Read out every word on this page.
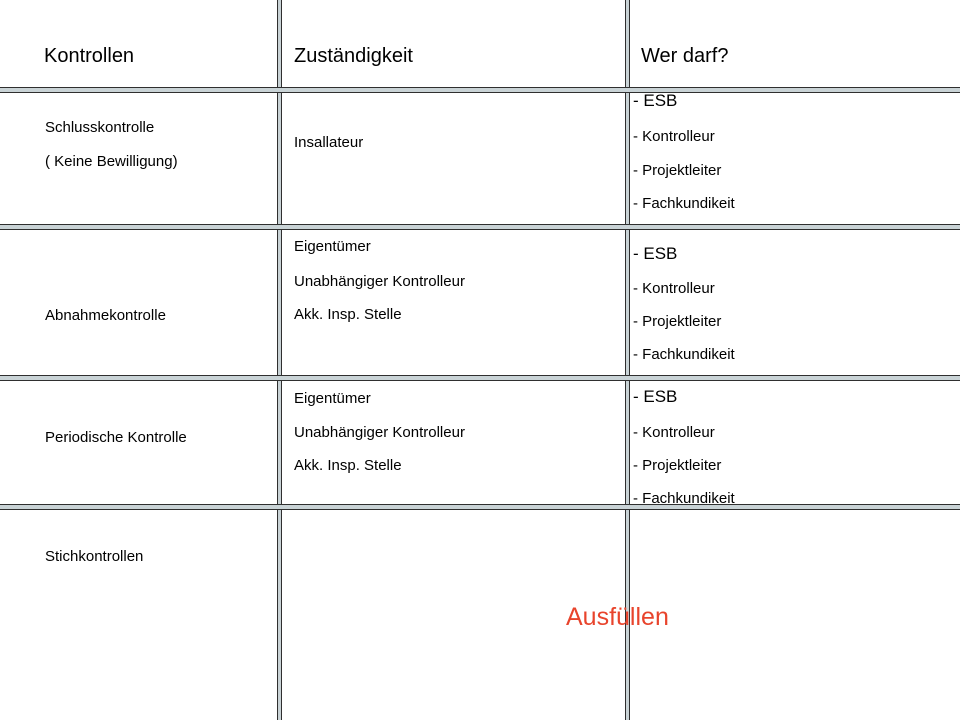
Kontrollen	Zuständigkeit	Wer darf?
Schlusskontrolle
( Keine Bewilligung)
Insallateur
- ESB
- Kontrolleur
- Projektleiter
- Fachkundikeit
Abnahmekontrolle
Eigentümer
Unabhängiger Kontrolleur
Akk. Insp. Stelle
- ESB
- Kontrolleur
- Projektleiter
- Fachkundikeit
Periodische Kontrolle
Eigentümer
Unabhängiger Kontrolleur
Akk. Insp. Stelle
- ESB
- Kontrolleur
- Projektleiter
- Fachkundikeit
Stichkontrollen
Ausfüllen
